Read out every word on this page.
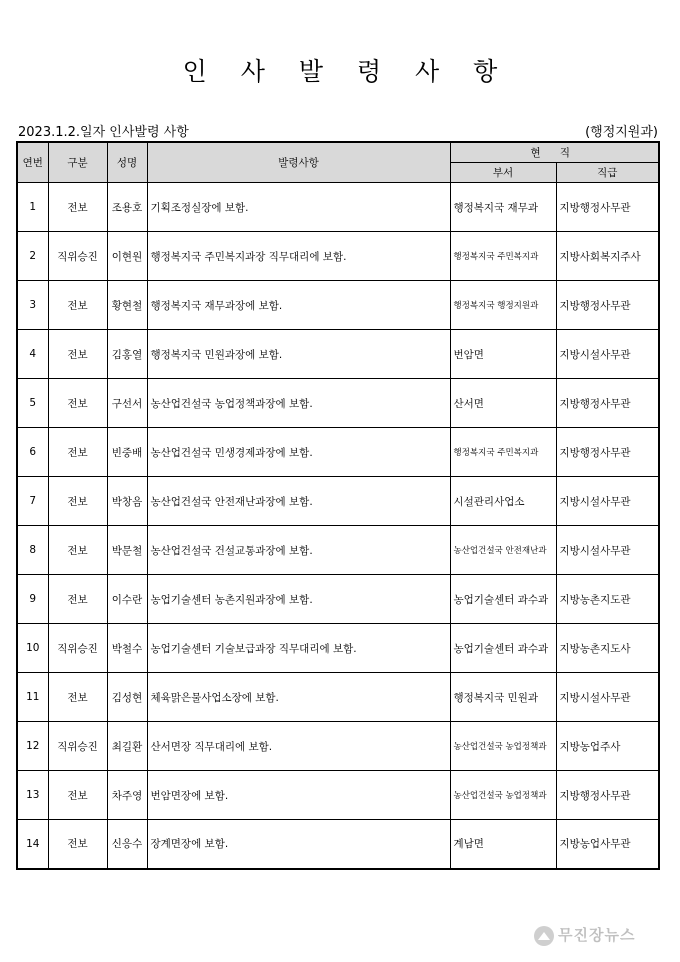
인 사 발 령 사 항
2023.1.2.일자 인사발령 사항	(행정지원과)
연번	구분	성명	발령사항	현 직	
				부서	직급
1	전보	조용호	기획조정실장에 보함.	행정복지국 재무과	지방행정사무관
2	직위승진	이현원	행정복지국 주민복지과장 직무대리에 보함.	행정복지국 주민복지과	지방사회복지주사
3	전보	황현철	행정복지국 재무과장에 보함.	행정복지국 행정지원과	지방행정사무관
4	전보	김홍열	행정복지국 민원과장에 보함.	번암면	지방시설사무관
5	전보	구선서	농산업건설국 농업정책과장에 보함.	산서면	지방행정사무관
6	전보	빈중배	농산업건설국 민생경제과장에 보함.	행정복지국 주민복지과	지방행정사무관
7	전보	박창음	농산업건설국 안전재난과장에 보함.	시설관리사업소	지방시설사무관
8	전보	박문철	농산업건설국 건설교통과장에 보함.	농산업건설국 안전재난과	지방시설사무관
9	전보	이수란	농업기술센터 농촌지원과장에 보함.	농업기술센터 과수과	지방농촌지도관
10	직위승진	박철수	농업기술센터 기술보급과장 직무대리에 보함.	농업기술센터 과수과	지방농촌지도사
11	전보	김성현	체육맑은물사업소장에 보함.	행정복지국 민원과	지방시설사무관
12	직위승진	최길환	산서면장 직무대리에 보함.	농산업건설국 농업정책과	지방농업주사
13	전보	차주영	번암면장에 보함.	농산업건설국 농업정책과	지방행정사무관
14	전보	신응수	장계면장에 보함.	계남면	지방농업사무관
무진장뉴스
